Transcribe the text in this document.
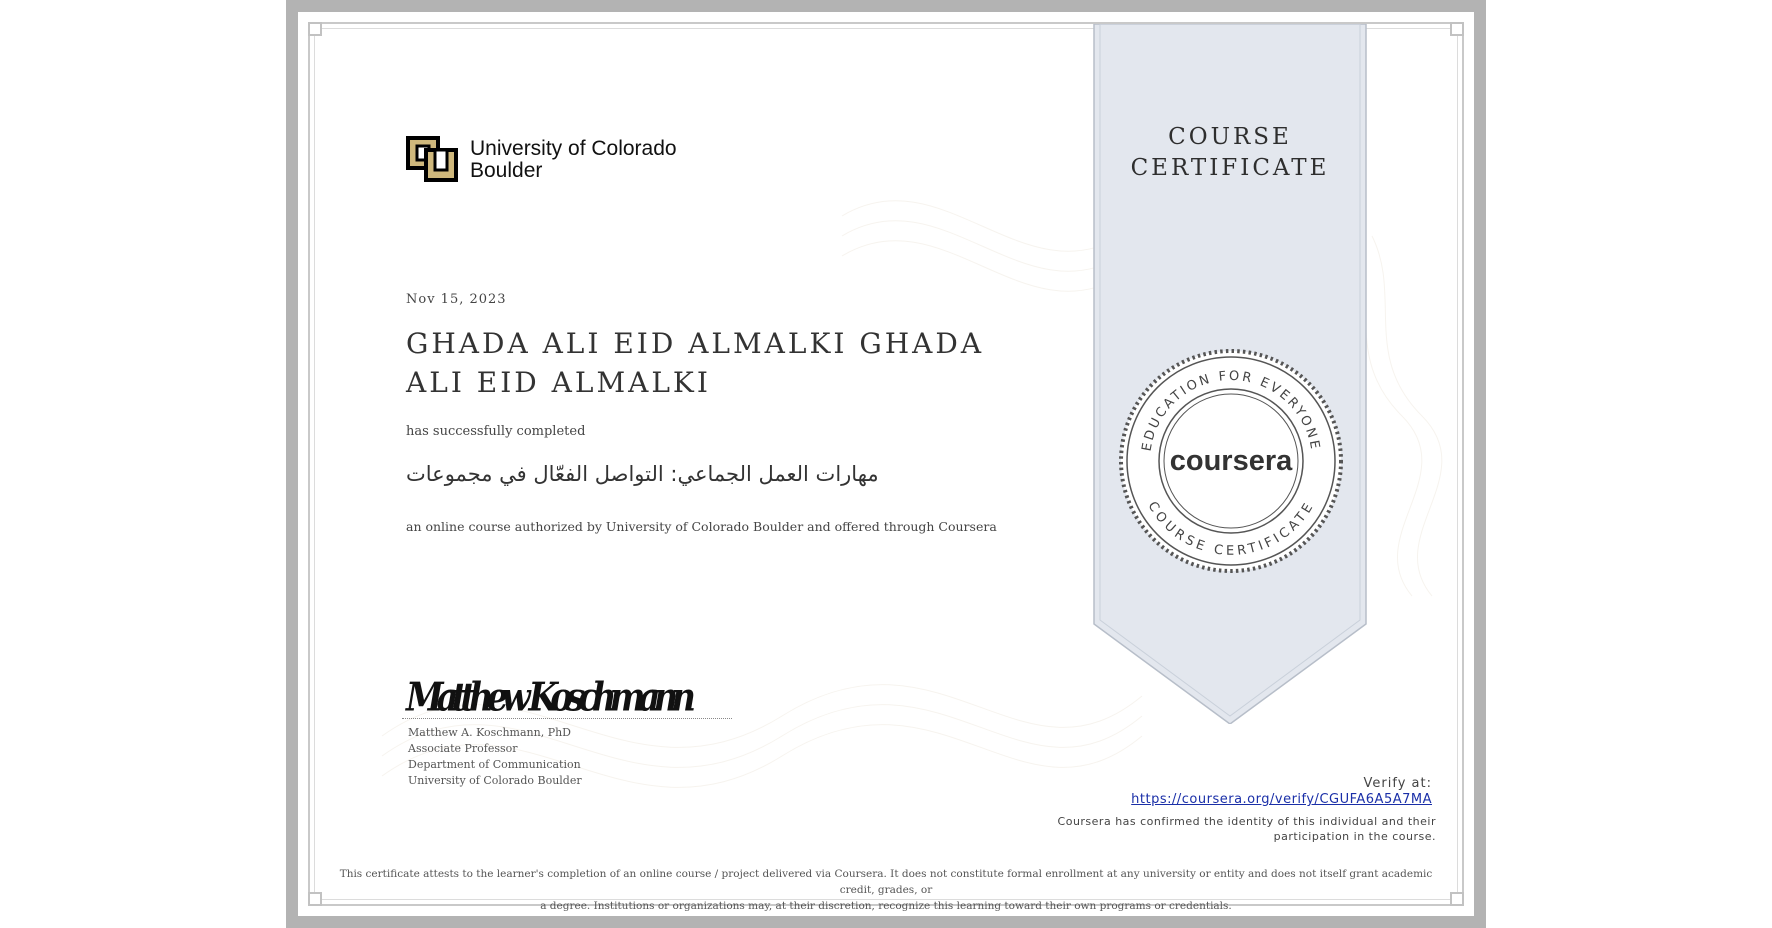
COURSE
CERTIFICATE
EDUCATION FOR EVERYONE
COURSE CERTIFICATE
coursera
University of Colorado
Boulder
Nov 15, 2023
GHADA ALI EID ALMALKI GHADA ALI EID ALMALKI
has successfully completed
مهارات العمل الجماعي: التواصل الفعّال في مجموعات
an online course authorized by University of Colorado Boulder and offered through Coursera
Matthew Koschmann
Matthew A. Koschmann, PhD
Associate Professor
Department of Communication
University of Colorado Boulder	Verify at:
https://coursera.org/verify/CGUFA6A5A7MA
Coursera has confirmed the identity of this individual and their
participation in the course.
This certificate attests to the learner's completion of an online course / project delivered via Coursera. It does not constitute formal enrollment at any university or entity and does not itself grant academic credit, grades, or
a degree. Institutions or organizations may, at their discretion, recognize this learning toward their own programs or credentials.
